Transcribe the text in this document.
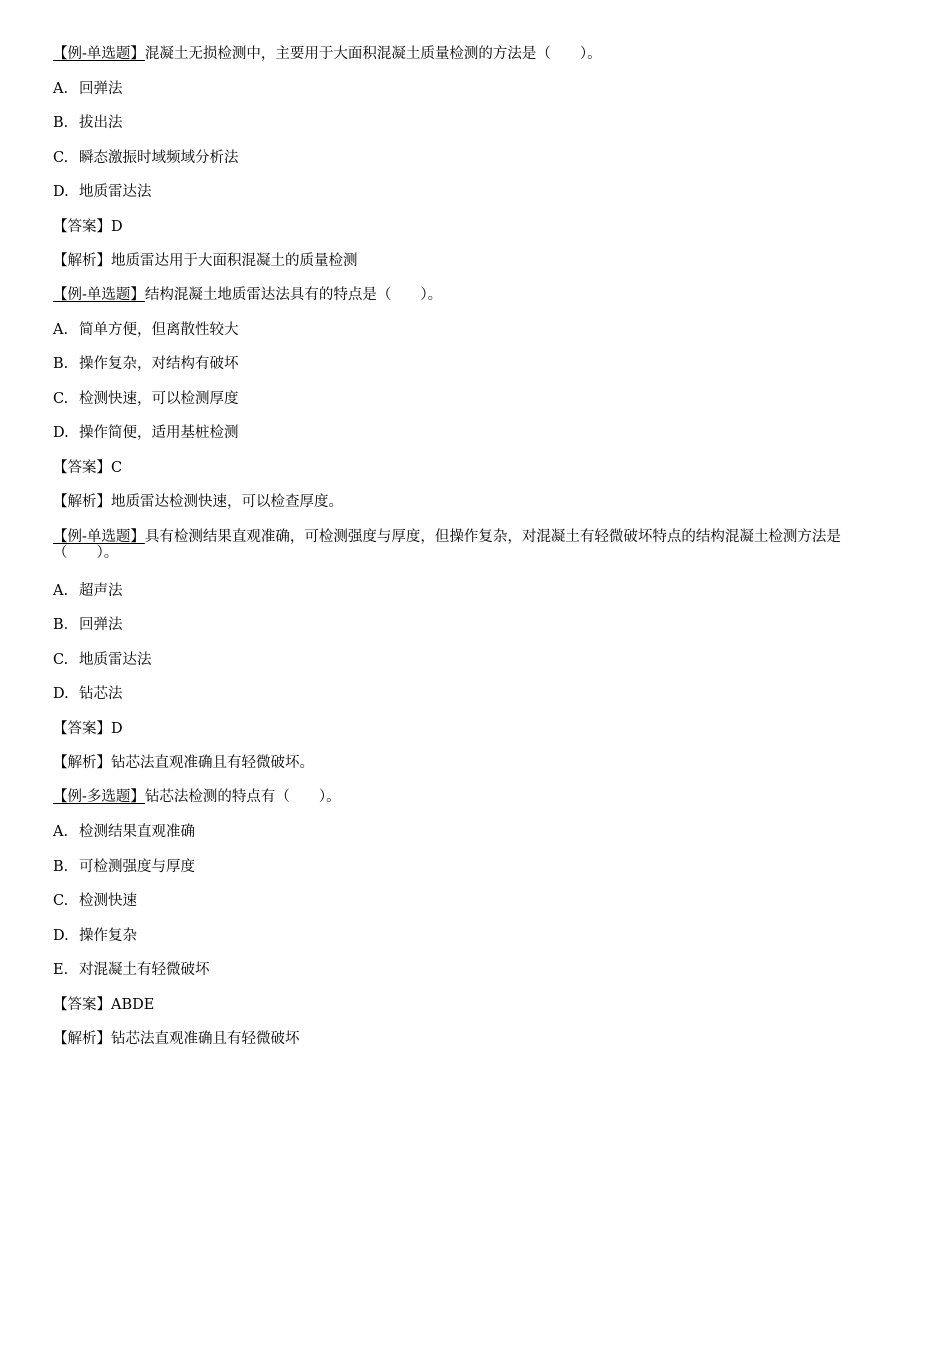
【例-单选题】混凝土无损检测中，主要用于大面积混凝土质量检测的方法是（　　）。
A. 回弹法
B. 拔出法
C. 瞬态激振时域频域分析法
D. 地质雷达法
【答案】D
【解析】地质雷达用于大面积混凝土的质量检测
【例-单选题】结构混凝土地质雷达法具有的特点是（　　）。
A. 简单方便，但离散性较大
B. 操作复杂，对结构有破坏
C. 检测快速，可以检测厚度
D. 操作简便，适用基桩检测
【答案】C
【解析】地质雷达检测快速，可以检查厚度。
【例-单选题】具有检测结果直观准确，可检测强度与厚度，但操作复杂，对混凝土有轻微破坏特点的结构混凝土检测方法是（　　）。
A. 超声法
B. 回弹法
C. 地质雷达法
D. 钻芯法
【答案】D
【解析】钻芯法直观准确且有轻微破坏。
【例-多选题】钻芯法检测的特点有（　　）。
A. 检测结果直观准确
B. 可检测强度与厚度
C. 检测快速
D. 操作复杂
E. 对混凝土有轻微破坏
【答案】ABDE
【解析】钻芯法直观准确且有轻微破坏
